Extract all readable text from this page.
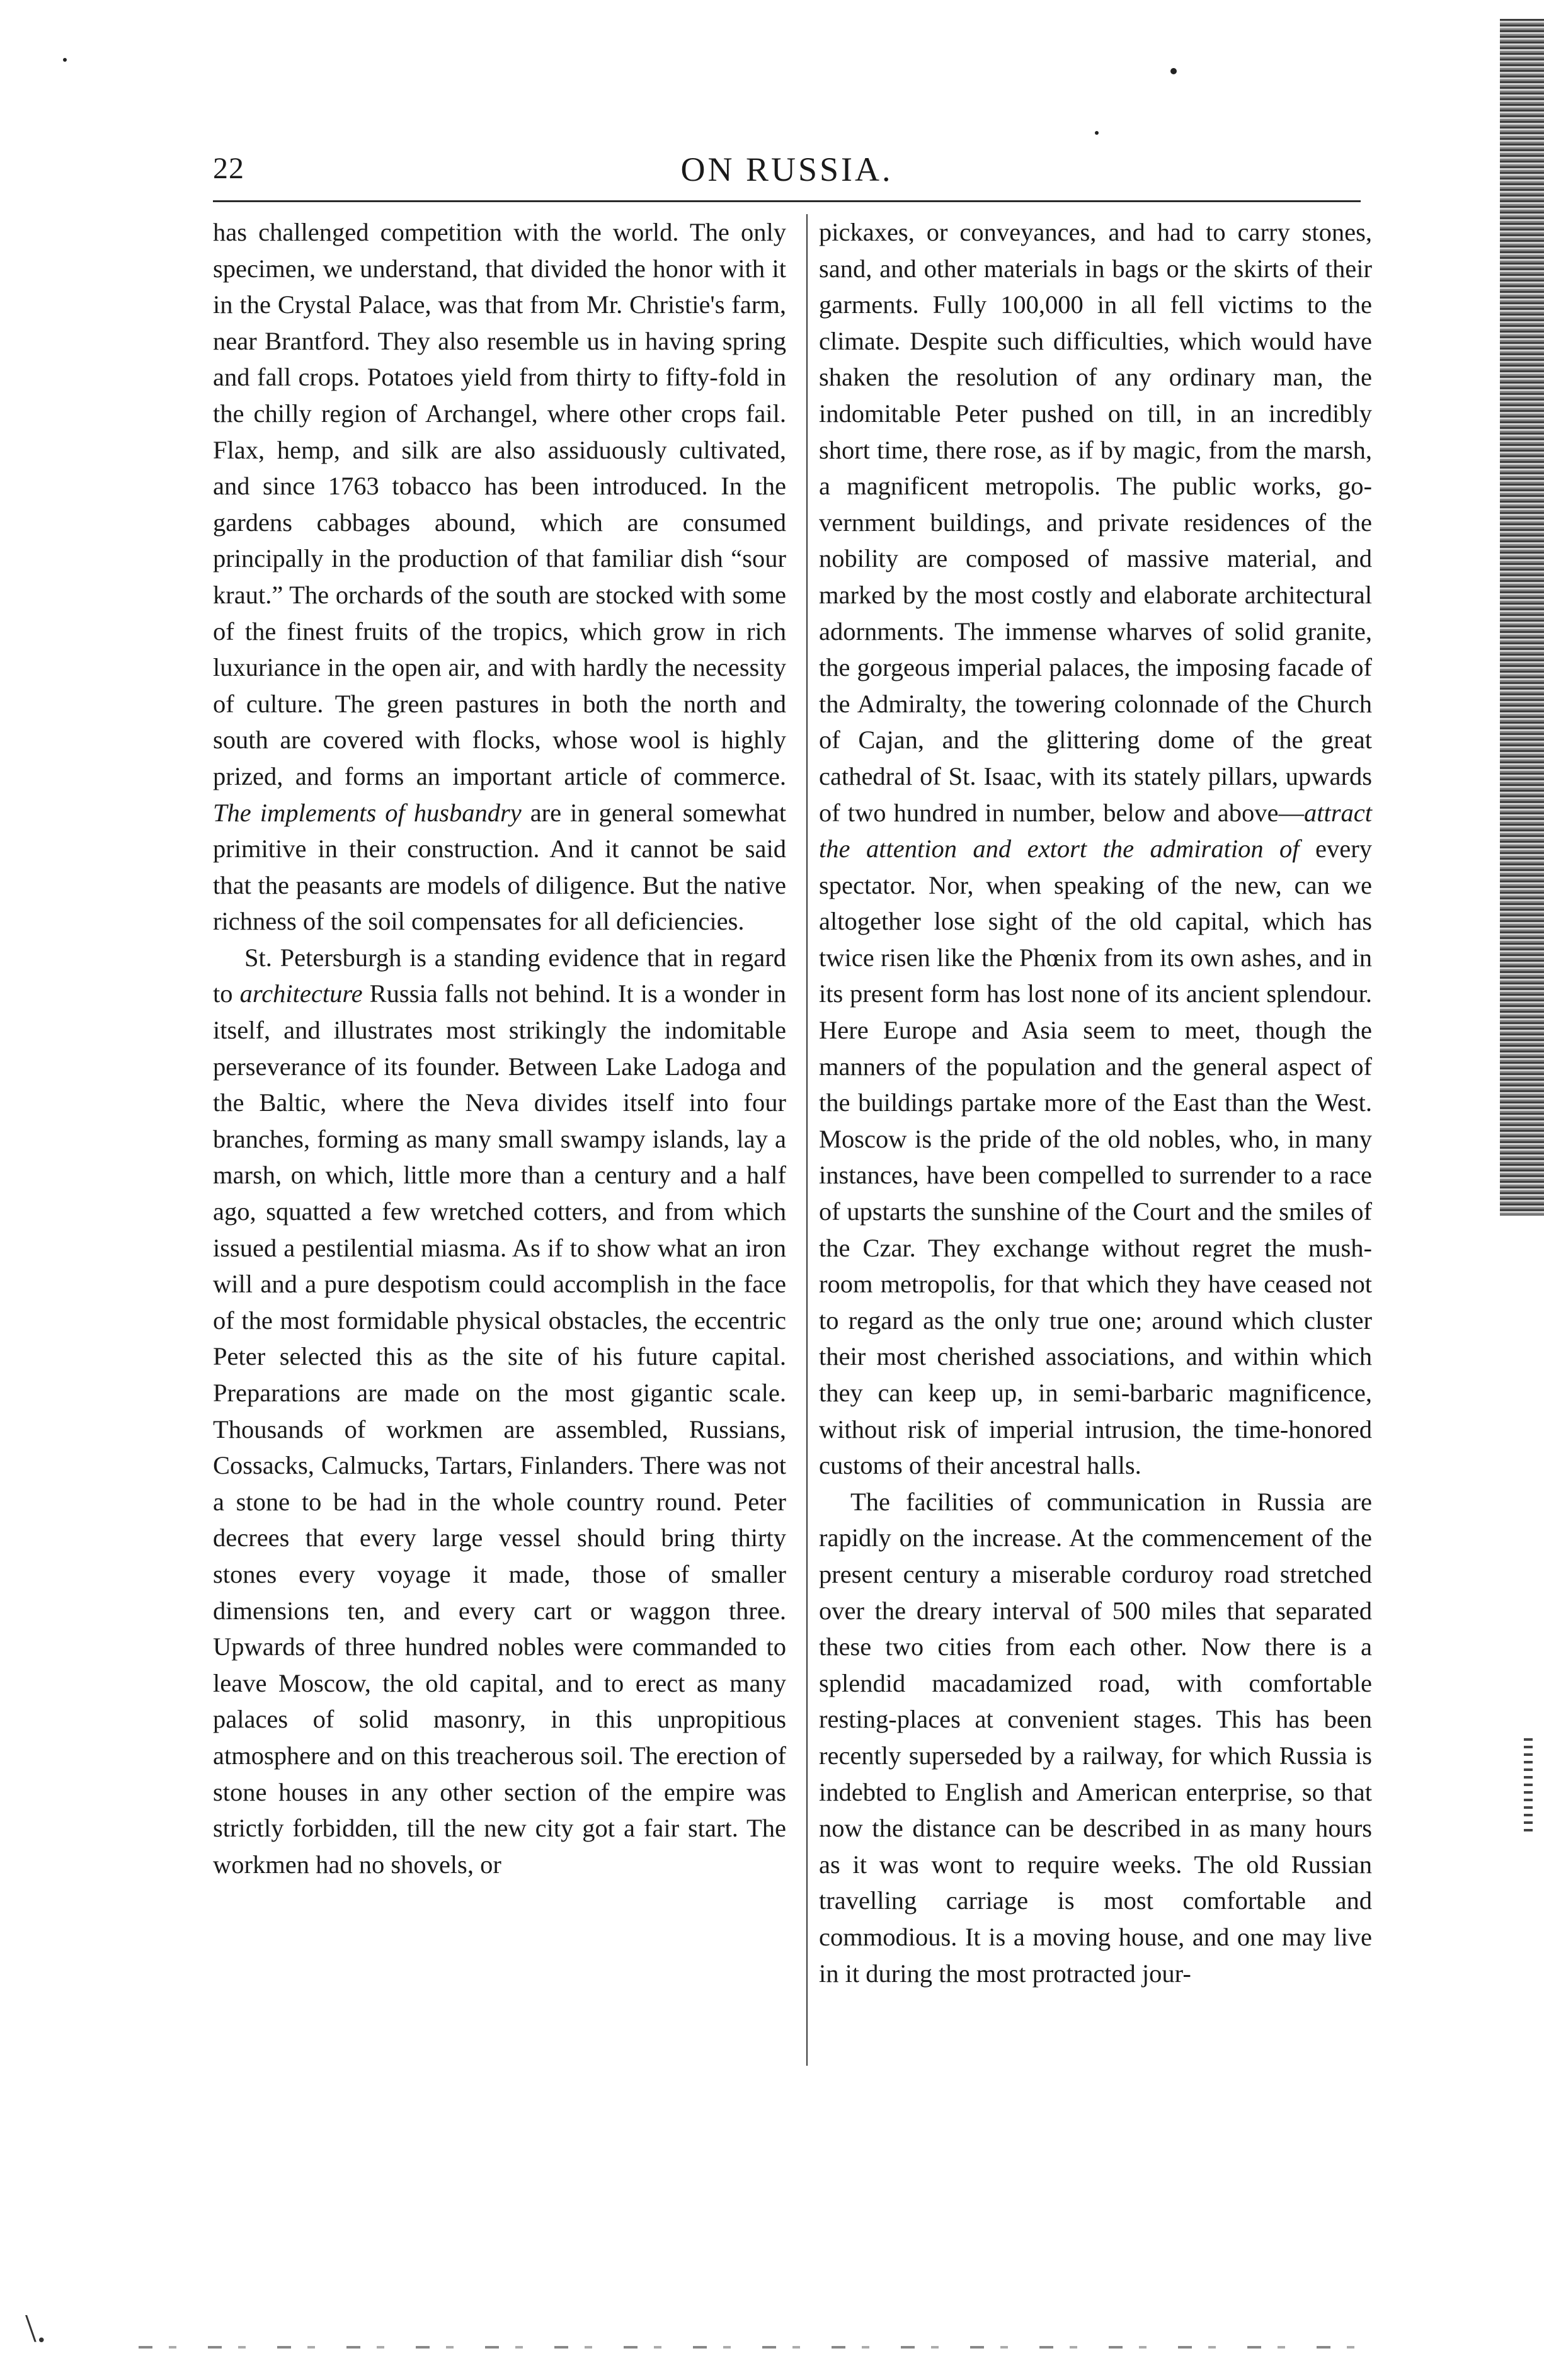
22	ON RUSSIA.

has challenged competition with the world. The only specimen, we understand, that divided the honor with it in the Crystal Palace, was that from Mr. Christie's farm, near Brantford. They also resemble us in having spring and fall crops. Potatoes yield from thirty to fifty-fold in the chilly region of Archangel, where other crops fail. Flax, hemp, and silk are also assiduously cultivated, and since 1763 tobacco has been introduced. In the gardens cabbages abound, which are consumed principally in the production of that familiar dish “sour kraut.” The orchards of the south are stocked with some of the finest fruits of the tropics, which grow in rich luxuriance in the open air, and with hardly the necessity of culture. The green pastures in both the north and south are covered with flocks, whose wool is highly prized, and forms an important article of commerce. The implements of husbandry are in general somewhat primitive in their construction. And it cannot be said that the peasants are models of diligence. But the native richness of the soil compensates for all deficiencies.

St. Petersburgh is a standing evidence that in regard to architecture Russia falls not behind. It is a wonder in itself, and illustrates most strikingly the indomitable perseverance of its founder. Between Lake Ladoga and the Baltic, where the Neva divides itself into four branches, forming as many small swampy islands, lay a marsh, on which, little more than a century and a half ago, squatted a few wretched cotters, and from which issued a pestilential miasma. As if to show what an iron will and a pure despotism could accomplish in the face of the most formidable physical obstacles, the eccentric Peter selected this as the site of his future capital. Preparations are made on the most gigantic scale. Thousands of workmen are assembled, Russians, Cossacks, Calmucks, Tartars, Finlanders. There was not a stone to be had in the whole country round. Peter decrees that every large vessel should bring thirty stones every voyage it made, those of smaller dimensions ten, and every cart or waggon three. Upwards of three hundred nobles were commanded to leave Moscow, the old capital, and to erect as many palaces of solid masonry, in this unpropitious atmosphere and on this treacherous soil. The erection of stone houses in any other section of the empire was strictly forbidden, till the new city got a fair start. The workmen had no shovels, or

pickaxes, or conveyances, and had to carry stones, sand, and other materials in bags or the skirts of their garments. Fully 100,000 in all fell victims to the climate. Despite such difficulties, which would have shaken the resolution of any ordinary man, the indomitable Peter pushed on till, in an incredibly short time, there rose, as if by magic, from the marsh, a magnificent metropolis. The public works, government buildings, and private residences of the nobility are composed of massive material, and marked by the most costly and elaborate architectural adornments. The immense wharves of solid granite, the gorgeous imperial palaces, the imposing facade of the Admiralty, the towering colonnade of the Church of Cajan, and the glittering dome of the great cathedral of St. Isaac, with its stately pillars, upwards of two hundred in number, below and above—attract the attention and extort the admiration of every spectator. Nor, when speaking of the new, can we altogether lose sight of the old capital, which has twice risen like the Phœnix from its own ashes, and in its present form has lost none of its ancient splendour. Here Europe and Asia seem to meet, though the manners of the population and the general aspect of the buildings partake more of the East than the West. Moscow is the pride of the old nobles, who, in many instances, have been compelled to surrender to a race of upstarts the sunshine of the Court and the smiles of the Czar. They exchange without regret the mushroom metropolis, for that which they have ceased not to regard as the only true one; around which cluster their most cherished associations, and within which they can keep up, in semi-barbaric magnificence, without risk of imperial intrusion, the time-honored customs of their ancestral halls.

The facilities of communication in Russia are rapidly on the increase. At the commencement of the present century a miserable corduroy road stretched over the dreary interval of 500 miles that separated these two cities from each other. Now there is a splendid macadamized road, with comfortable resting-places at convenient stages. This has been recently superseded by a railway, for which Russia is indebted to English and American enterprise, so that now the distance can be described in as many hours as it was wont to require weeks. The old Russian travelling carriage is most comfortable and commodious. It is a moving house, and one may live in it during the most protracted jour-

\.
